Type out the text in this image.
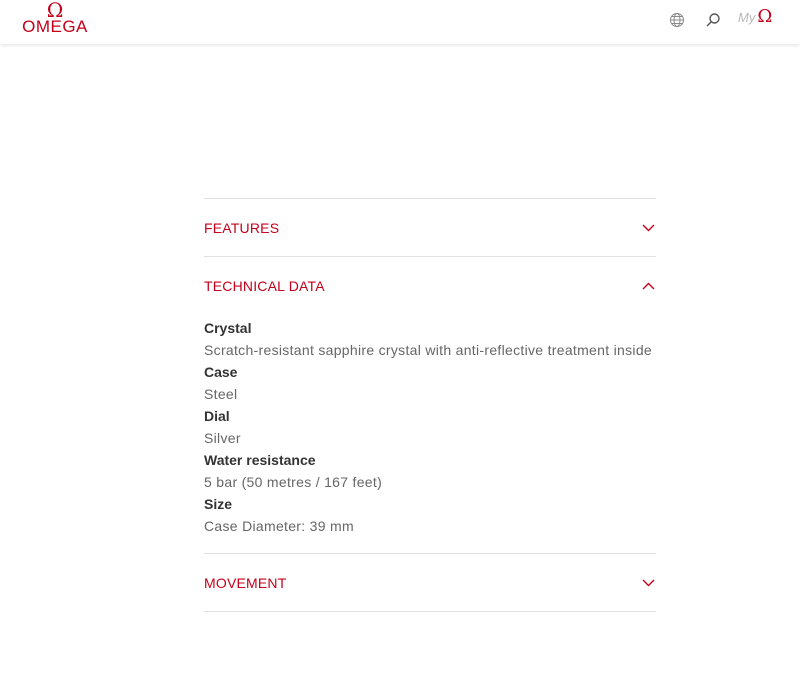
Ω
OMEGA	My Ω
FEATURES
TECHNICAL DATA
Crystal
Scratch-resistant sapphire crystal with anti-reflective treatment inside
Case
Steel
Dial
Silver
Water resistance
5 bar (50 metres / 167 feet)
Size
Case Diameter: 39 mm
MOVEMENT
